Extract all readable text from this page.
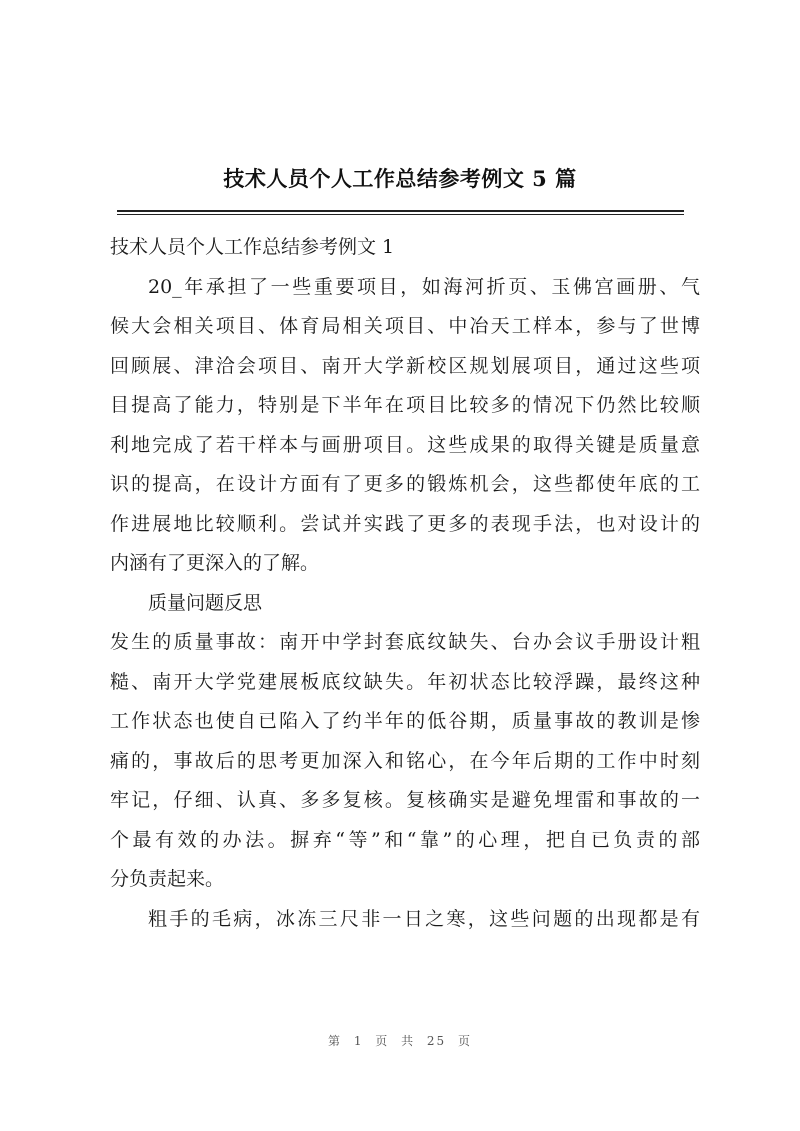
技术人员个人工作总结参考例文 5 篇
技术人员个人工作总结参考例文 1
20_年承担了一些重要项目，如海河折页、玉佛宫画册、气
候大会相关项目、体育局相关项目、中冶天工样本，参与了世博
回顾展、津洽会项目、南开大学新校区规划展项目，通过这些项
目提高了能力，特别是下半年在项目比较多的情况下仍然比较顺
利地完成了若干样本与画册项目。这些成果的取得关键是质量意
识的提高，在设计方面有了更多的锻炼机会，这些都使年底的工
作进展地比较顺利。尝试并实践了更多的表现手法，也对设计的
内涵有了更深入的了解。
质量问题反思
发生的质量事故：南开中学封套底纹缺失、台办会议手册设计粗
糙、南开大学党建展板底纹缺失。年初状态比较浮躁，最终这种
工作状态也使自已陷入了约半年的低谷期，质量事故的教训是惨
痛的，事故后的思考更加深入和铭心，在今年后期的工作中时刻
牢记，仔细、认真、多多复核。复核确实是避免埋雷和事故的一
个最有效的办法。摒弃“等”和“靠”的心理，把自已负责的部
分负责起来。
粗手的毛病，冰冻三尺非一日之寒，这些问题的出现都是有
第 1 页 共 25 页
